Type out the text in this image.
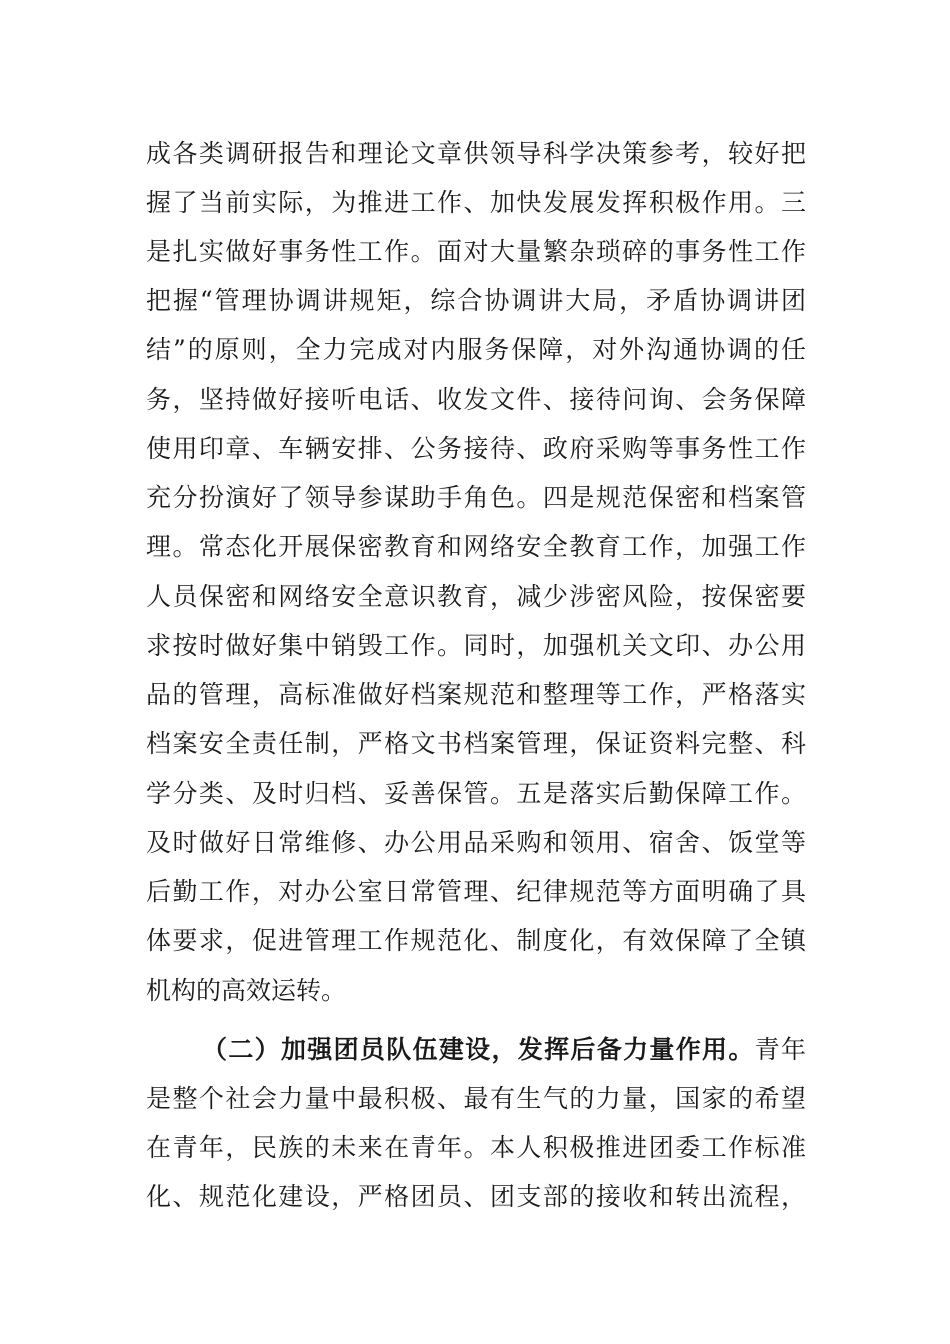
成各类调研报告和理论文章供领导科学决策参考，较好把
握了当前实际，为推进工作、加快发展发挥积极作用。三
是扎实做好事务性工作。面对大量繁杂琐碎的事务性工作
把握“管理协调讲规矩，综合协调讲大局，矛盾协调讲团
结”的原则，全力完成对内服务保障，对外沟通协调的任
务，坚持做好接听电话、收发文件、接待问询、会务保障
使用印章、车辆安排、公务接待、政府采购等事务性工作
充分扮演好了领导参谋助手角色。四是规范保密和档案管
理。常态化开展保密教育和网络安全教育工作，加强工作
人员保密和网络安全意识教育，减少涉密风险，按保密要
求按时做好集中销毁工作。同时，加强机关文印、办公用
品的管理，高标准做好档案规范和整理等工作，严格落实
档案安全责任制，严格文书档案管理，保证资料完整、科
学分类、及时归档、妥善保管。五是落实后勤保障工作。
及时做好日常维修、办公用品采购和领用、宿舍、饭堂等
后勤工作，对办公室日常管理、纪律规范等方面明确了具
体要求，促进管理工作规范化、制度化，有效保障了全镇
机构的高效运转。
（二）加强团员队伍建设，发挥后备力量作用。青年
是整个社会力量中最积极、最有生气的力量，国家的希望
在青年，民族的未来在青年。本人积极推进团委工作标准
化、规范化建设，严格团员、团支部的接收和转出流程，
